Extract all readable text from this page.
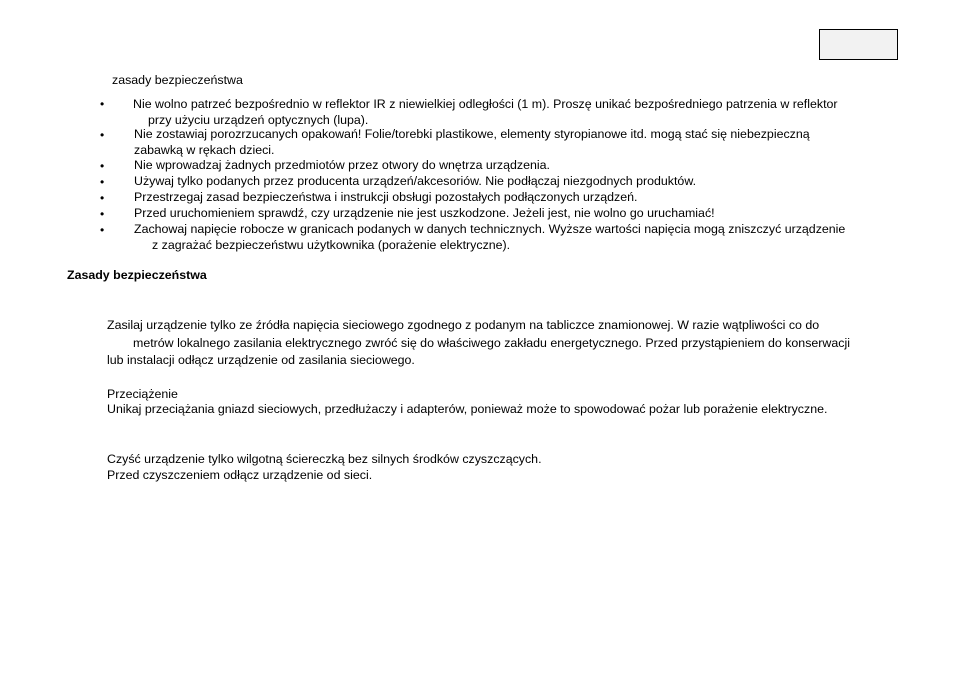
zasady bezpieczeństwa
• Nie wolno patrzeć bezpośrednio w reflektor IR z niewielkiej odległości (1 m). Proszę unikać bezpośredniego patrzenia w reflektor
przy użyciu urządzeń optycznych (lupa).
• Nie zostawiaj porozrzucanych opakowań! Folie/torebki plastikowe, elementy styropianowe itd. mogą stać się niebezpieczną
zabawką w rękach dzieci.
• Nie wprowadzaj żadnych przedmiotów przez otwory do wnętrza urządzenia.
• Używaj tylko podanych przez producenta urządzeń/akcesoriów. Nie podłączaj niezgodnych produktów.
• Przestrzegaj zasad bezpieczeństwa i instrukcji obsługi pozostałych podłączonych urządzeń.
• Przed uruchomieniem sprawdź, czy urządzenie nie jest uszkodzone. Jeżeli jest, nie wolno go uruchamiać!
• Zachowaj napięcie robocze w granicach podanych w danych technicznych. Wyższe wartości napięcia mogą zniszczyć urządzenie
z zagrażać bezpieczeństwu użytkownika (porażenie elektryczne).
Zasady bezpieczeństwa
Zasilaj urządzenie tylko ze źródła napięcia sieciowego zgodnego z podanym na tabliczce znamionowej. W razie wątpliwości co do
metrów lokalnego zasilania elektrycznego zwróć się do właściwego zakładu energetycznego. Przed przystąpieniem do konserwacji
lub instalacji odłącz urządzenie od zasilania sieciowego.
Przeciążenie
Unikaj przeciążania gniazd sieciowych, przedłużaczy i adapterów, ponieważ może to spowodować pożar lub porażenie elektryczne.
Czyść urządzenie tylko wilgotną ściereczką bez silnych środków czyszczących.
Przed czyszczeniem odłącz urządzenie od sieci.
